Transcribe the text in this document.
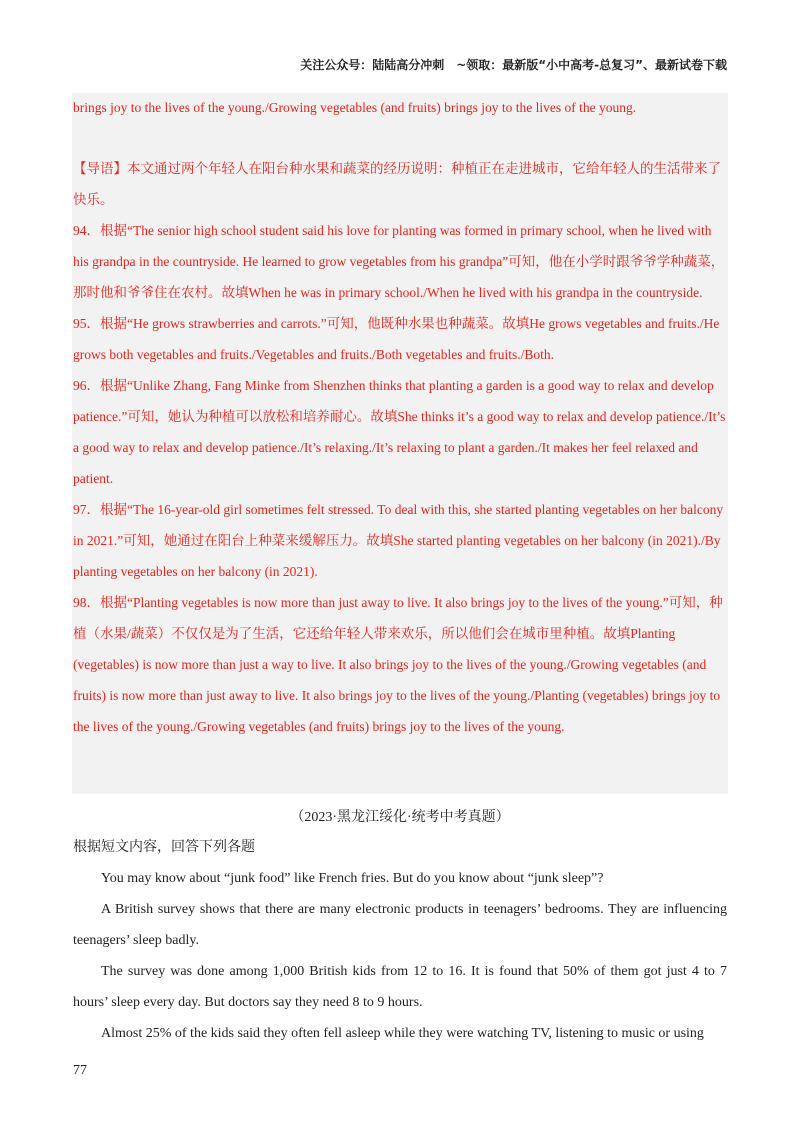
关注公众号：陆陆高分冲刺　~领取：最新版“小中高考-总复习”、最新试卷下载

brings joy to the lives of the young./Growing vegetables (and fruits) brings joy to the lives of the young.

【导语】本文通过两个年轻人在阳台种水果和蔬菜的经历说明：种植正在走进城市，它给年轻人的生活带来了快乐。

94．根据“The senior high school student said his love for planting was formed in primary school, when he lived with his grandpa in the countryside. He learned to grow vegetables from his grandpa”可知，他在小学时跟爷爷学种蔬菜，那时他和爷爷住在农村。故填When he was in primary school./When he lived with his grandpa in the countryside.

95．根据“He grows strawberries and carrots.”可知，他既种水果也种蔬菜。故填He grows vegetables and fruits./He grows both vegetables and fruits./Vegetables and fruits./Both vegetables and fruits./Both.

96．根据“Unlike Zhang, Fang Minke from Shenzhen thinks that planting a garden is a good way to relax and develop patience.”可知，她认为种植可以放松和培养耐心。故填She thinks it’s a good way to relax and develop patience./It’s a good way to relax and develop patience./It’s relaxing./It’s relaxing to plant a garden./It makes her feel relaxed and patient.

97．根据“The 16-year-old girl sometimes felt stressed. To deal with this, she started planting vegetables on her balcony in 2021.”可知，她通过在阳台上种菜来缓解压力。故填She started planting vegetables on her balcony (in 2021)./By planting vegetables on her balcony (in 2021).

98．根据“Planting vegetables is now more than just away to live. It also brings joy to the lives of the young.”可知，种植（水果/蔬菜）不仅仅是为了生活，它还给年轻人带来欢乐，所以他们会在城市里种植。故填Planting (vegetables) is now more than just a way to live. It also brings joy to the lives of the young./Growing vegetables (and fruits) is now more than just away to live. It also brings joy to the lives of the young./Planting (vegetables) brings joy to the lives of the young./Growing vegetables (and fruits) brings joy to the lives of the young.

（2023·黑龙江绥化·统考中考真题）

根据短文内容，回答下列各题

You may know about “junk food” like French fries. But do you know about “junk sleep”?

A British survey shows that there are many electronic products in teenagers’ bedrooms. They are influencing teenagers’ sleep badly.

The survey was done among 1,000 British kids from 12 to 16. It is found that 50% of them got just 4 to 7 hours’ sleep every day. But doctors say they need 8 to 9 hours.

Almost 25% of the kids said they often fell asleep while they were watching TV, listening to music or using

77
